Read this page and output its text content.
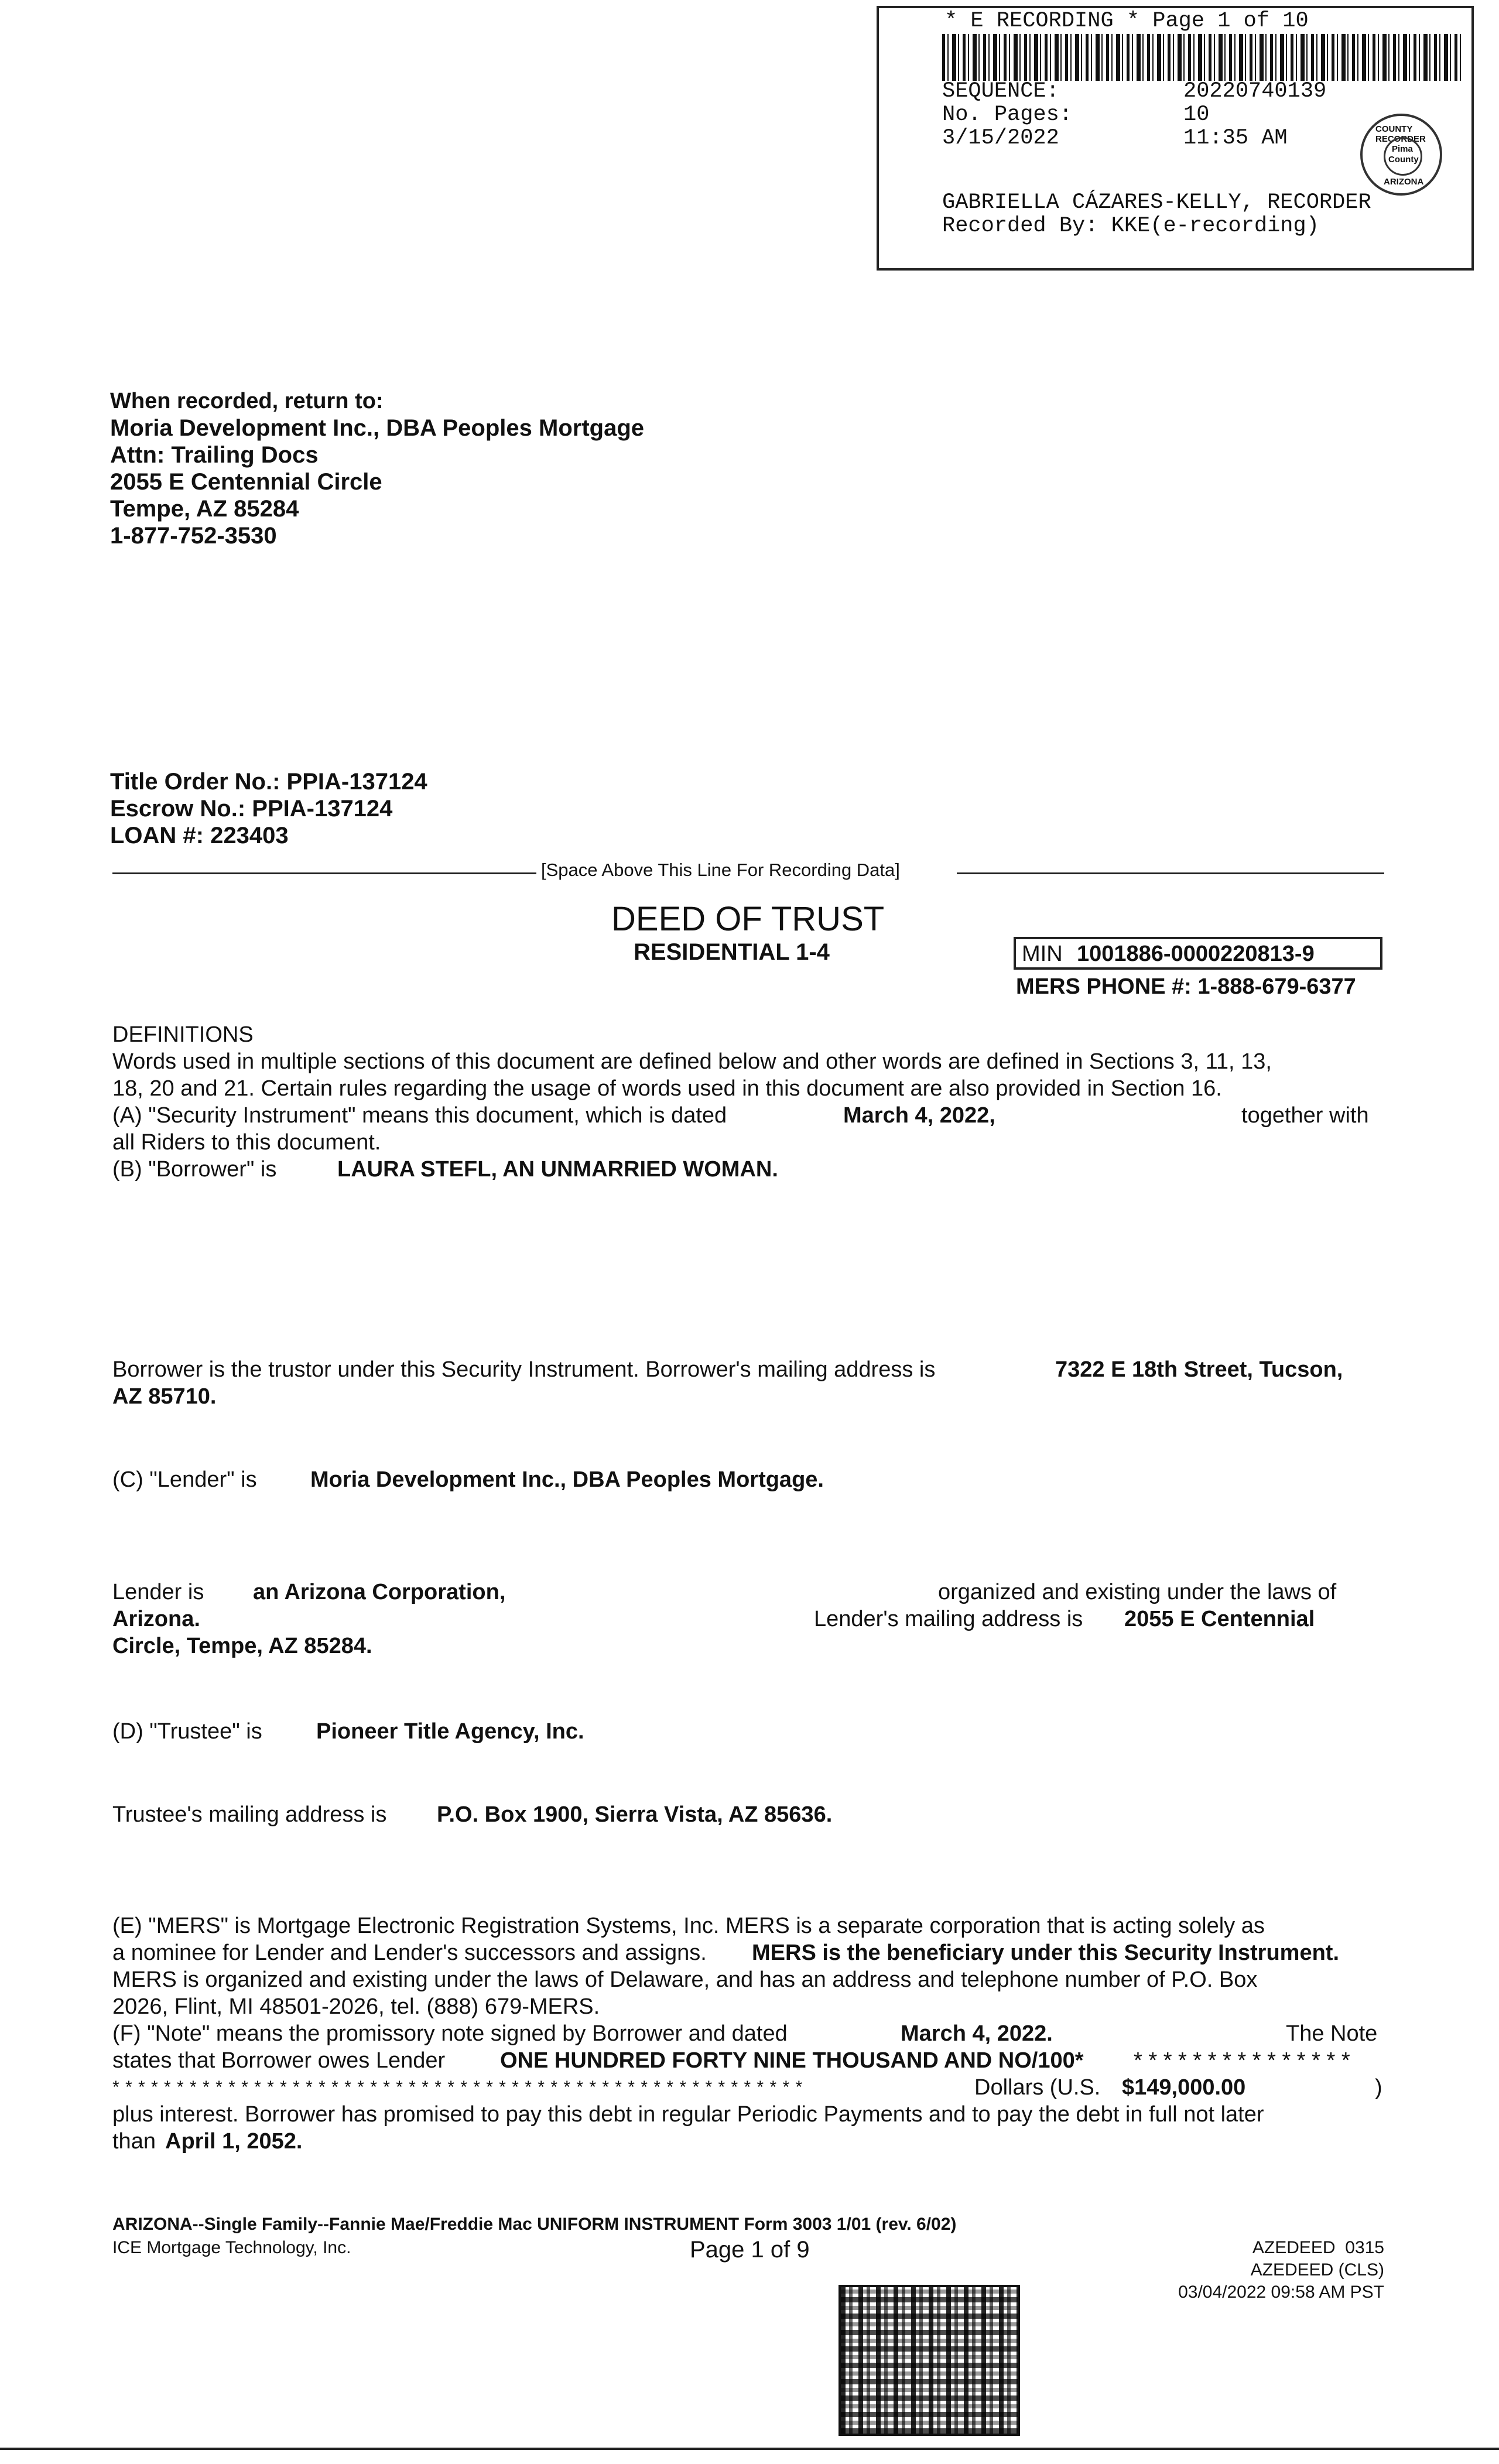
* E RECORDING * Page 1 of 10
SEQUENCE:	20220740139
No. Pages:	10
3/15/2022	11:35 AM	COUNTY RECORDER
Pima
County
ARIZONA
GABRIELLA CÁZARES-KELLY, RECORDER
Recorded By: KKE(e-recording)
When recorded, return to:
Moria Development Inc., DBA Peoples Mortgage
Attn: Trailing Docs
2055 E Centennial Circle
Tempe, AZ 85284
1-877-752-3530
Title Order No.: PPIA-137124
Escrow No.: PPIA-137124
LOAN #: 223403
[Space Above This Line For Recording Data]
DEED OF TRUST
RESIDENTIAL 1-4	MIN 1001886-0000220813-9
MERS PHONE #: 1-888-679-6377
DEFINITIONS
Words used in multiple sections of this document are defined below and other words are defined in Sections 3, 11, 13,
18, 20 and 21. Certain rules regarding the usage of words used in this document are also provided in Section 16.
(A) "Security Instrument" means this document, which is dated	March 4, 2022,	together with
all Riders to this document.
(B) "Borrower" is	LAURA STEFL, AN UNMARRIED WOMAN.
Borrower is the trustor under this Security Instrument. Borrower's mailing address is	7322 E 18th Street, Tucson,
AZ 85710.
(C) "Lender" is Moria Development Inc., DBA Peoples Mortgage.
Lender is an Arizona Corporation,	organized and existing under the laws of
Arizona.	Lender's mailing address is 2055 E Centennial
Circle, Tempe, AZ 85284.
(D) "Trustee" is Pioneer Title Agency, Inc.
Trustee's mailing address is P.O. Box 1900, Sierra Vista, AZ 85636.
(E) "MERS" is Mortgage Electronic Registration Systems, Inc. MERS is a separate corporation that is acting solely as
a nominee for Lender and Lender's successors and assigns. MERS is the beneficiary under this Security Instrument.
MERS is organized and existing under the laws of Delaware, and has an address and telephone number of P.O. Box
2026, Flint, MI 48501-2026, tel. (888) 679-MERS.
(F) "Note" means the promissory note signed by Borrower and dated	March 4, 2022.	The Note
states that Borrower owes Lender ONE HUNDRED FORTY NINE THOUSAND AND NO/100* * * * * * * * * * * * * * * *
* * * * * * * * * * * * * * * * * * * * * * * * * * * * * * * * * * * * * * * * * * * * * * * * * * * * * *	Dollars (U.S. $149,000.00	)
plus interest. Borrower has promised to pay this debt in regular Periodic Payments and to pay the debt in full not later
than April 1, 2052.
ARIZONA--Single Family--Fannie Mae/Freddie Mac UNIFORM INSTRUMENT Form 3003 1/01 (rev. 6/02)
ICE Mortgage Technology, Inc.	Page 1 of 9	AZEDEED  0315
AZEDEED (CLS)
03/04/2022 09:58 AM PST
